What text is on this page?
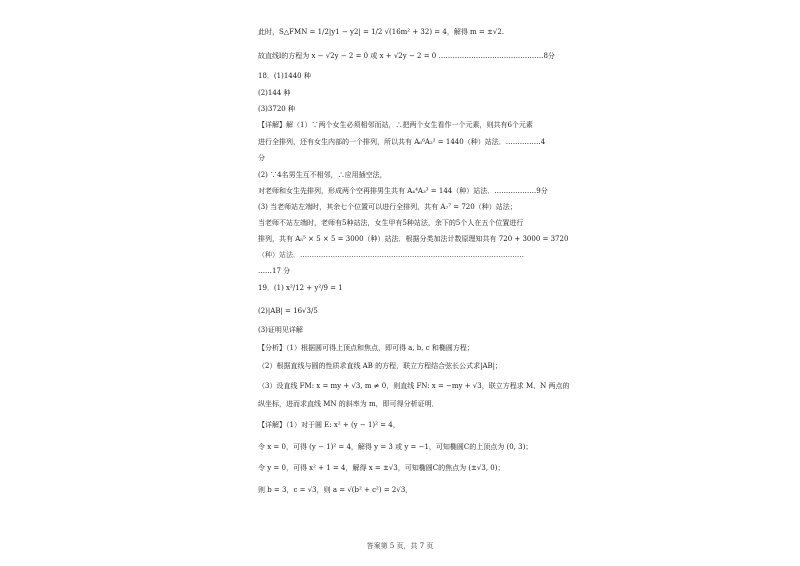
此时，S△FMN = 1/2|y1 − y2| = 1/2 √(16m² + 32) = 4，解得 m = ±√2.
故直线l的方程为 x − √2y − 2 = 0 或 x + √2y − 2 = 0 ………………………………………8分
18．(1)1440 种
(2)144 种
(3)3720 种
【详解】解（1）∵两个女生必须相邻而站，∴把两个女生看作一个元素，则共有6个元素
进行全排列，还有女生内部的一个排列，所以共有 A₆⁶A₂² = 1440（种）站法．……………4
分
(2) ∵4名男生互不相邻，∴应用插空法，
对老师和女生先排列，形成两个空再排男生共有 A₄⁴A₃³ = 144（种）站法．………………9分
(3) 当老师站左端时，其余七个位置可以进行全排列，共有 A₇⁷ = 720（种）站法；
当老师不站左端时，老师有5种站法，女生甲有5种站法，余下的5个人在五个位置进行
排列，共有 A₅⁵ × 5 × 5 = 3000（种）站法．根据分类加法计数原理知共有 720 + 3000 = 3720
（种）站法．……………………………………………………………………………………
……17 分
19．(1) x²/12 + y²/9 = 1
(2)|AB| = 16√3/5
(3)证明见详解
【分析】（1）根据圆可得上顶点和焦点，即可得 a, b, c 和椭圆方程；
（2）根据直线与圆的性质求直线 AB 的方程，联立方程结合弦长公式求|AB|；
（3）设直线 FM: x = my + √3, m ≠ 0，则直线 FN: x = −my + √3，联立方程求 M、N 两点的
纵坐标，进而求直线 MN 的斜率为 m，即可得分析证明．
【详解】（1）对于圆 E: x² + (y − 1)² = 4，
令 x = 0，可得 (y − 1)² = 4，解得 y = 3 或 y = −1，可知椭圆C的上顶点为 (0, 3)；
令 y = 0，可得 x² + 1 = 4，解得 x = ±√3，可知椭圆C的焦点为 (±√3, 0)；
则 b = 3，c = √3，则 a = √(b² + c²) = 2√3，
答案第 5 页，共 7 页
